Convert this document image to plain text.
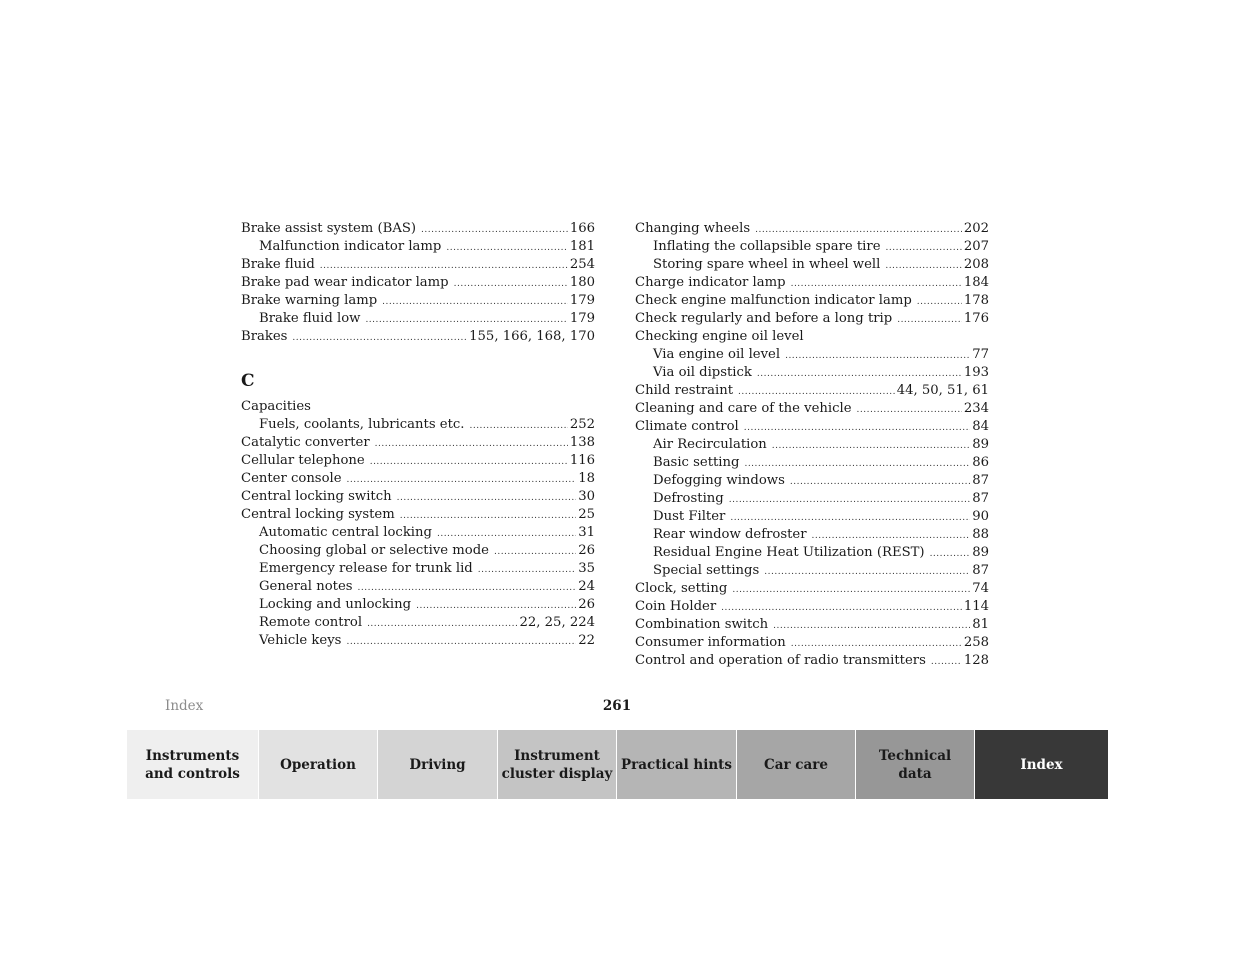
Brake assist system (BAS) .....	166
Malfunction indicator lamp .....	181
Brake fluid .....	254
Brake pad wear indicator lamp .....	180
Brake warning lamp .....	179
Brake fluid low .....	179
Brakes .....	155, 166, 168, 170
C
Capacities
Fuels, coolants, lubricants etc. .....	252
Catalytic converter .....	138
Cellular telephone .....	116
Center console .....	18
Central locking switch .....	30
Central locking system .....	25
Automatic central locking .....	31
Choosing global or selective mode .....	26
Emergency release for trunk lid .....	35
General notes .....	24
Locking and unlocking .....	26
Remote control .....	22, 25, 224
Vehicle keys .....	22
Changing wheels .....	202
Inflating the collapsible spare tire .....	207
Storing spare wheel in wheel well .....	208
Charge indicator lamp .....	184
Check engine malfunction indicator lamp .....	178
Check regularly and before a long trip .....	176
Checking engine oil level
Via engine oil level .....	77
Via oil dipstick .....	193
Child restraint .....	44, 50, 51, 61
Cleaning and care of the vehicle .....	234
Climate control .....	84
Air Recirculation .....	89
Basic setting .....	86
Defogging windows .....	87
Defrosting .....	87
Dust Filter .....	90
Rear window defroster .....	88
Residual Engine Heat Utilization (REST) .....	89
Special settings .....	87
Clock, setting .....	74
Coin Holder .....	114
Combination switch .....	81
Consumer information .....	258
Control and operation of radio transmitters .....	128
Index	261
Instruments
and controls
Operation	Driving
Instrument
cluster display
Practical hints	Car care
Technical
data
Index
